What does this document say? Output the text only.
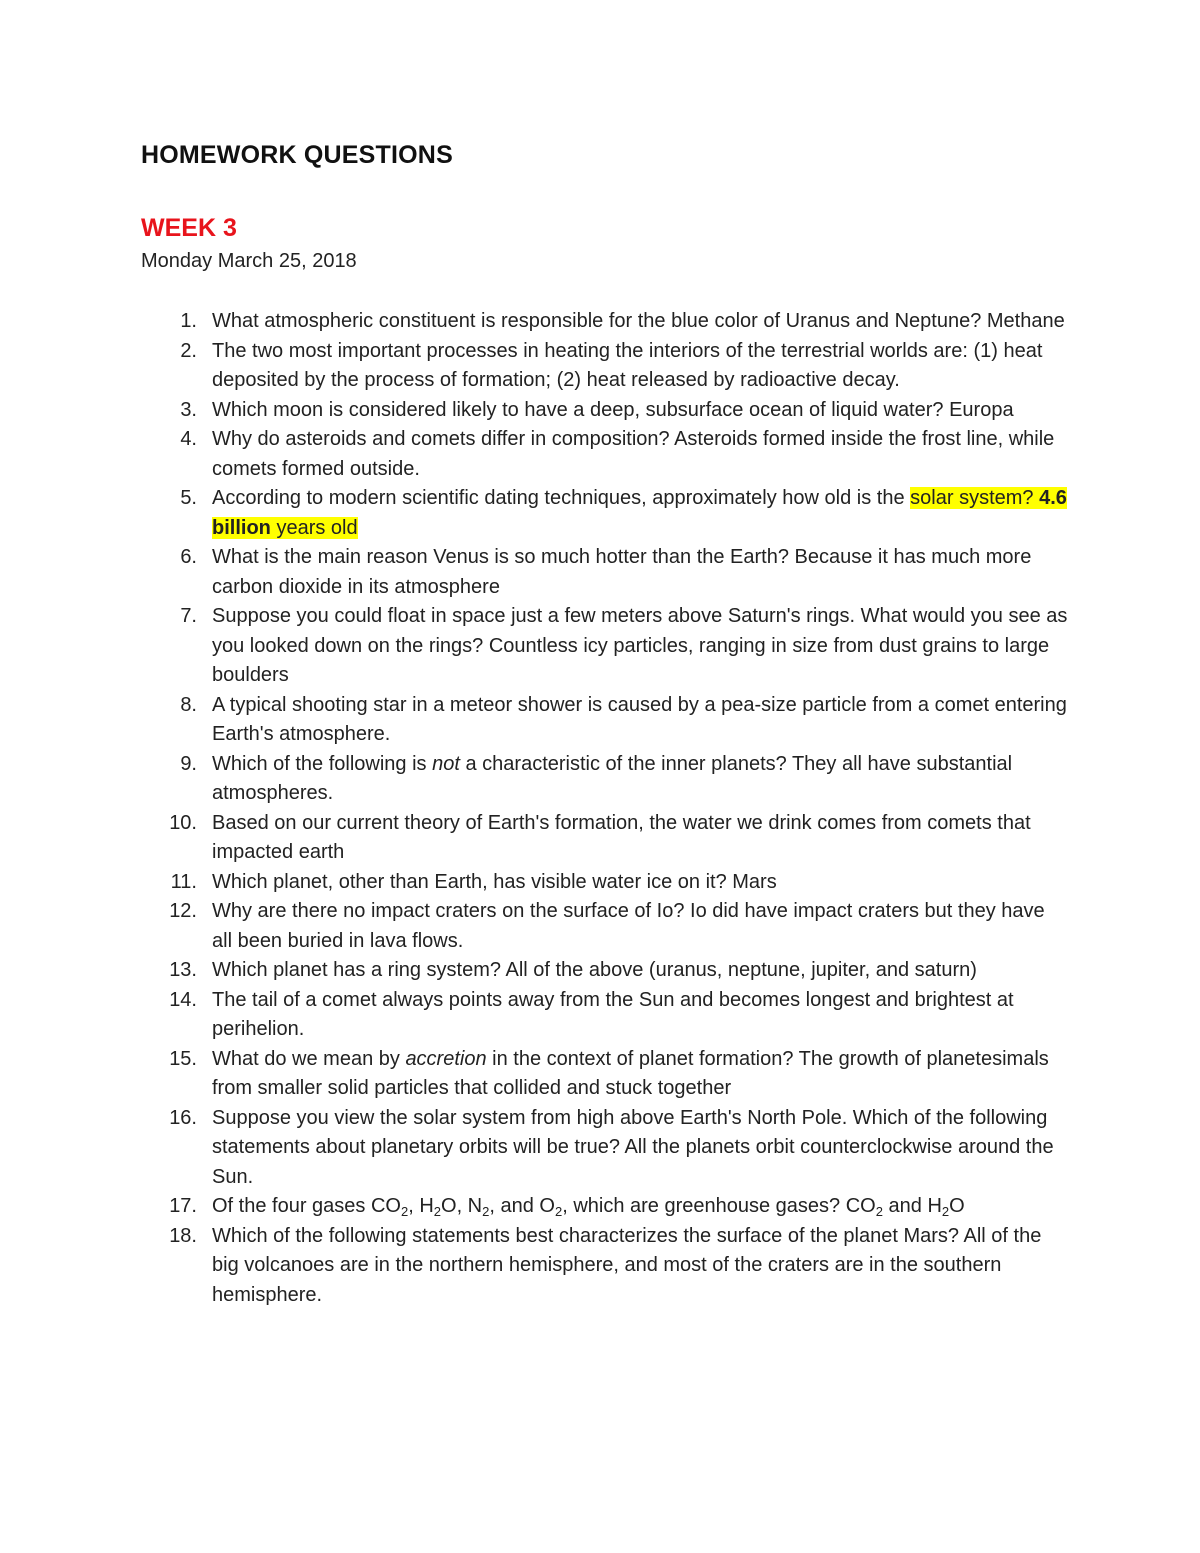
HOMEWORK QUESTIONS
WEEK 3

Monday March 25, 2018

1. What atmospheric constituent is responsible for the blue color of Uranus and Neptune? Methane
2. The two most important processes in heating the interiors of the terrestrial worlds are: (1) heat deposited by the process of formation; (2) heat released by radioactive decay.
3. Which moon is considered likely to have a deep, subsurface ocean of liquid water? Europa
4. Why do asteroids and comets differ in composition? Asteroids formed inside the frost line, while comets formed outside.
5. According to modern scientific dating techniques, approximately how old is the solar system? 4.6 billion years old
6. What is the main reason Venus is so much hotter than the Earth? Because it has much more carbon dioxide in its atmosphere
7. Suppose you could float in space just a few meters above Saturn's rings. What would you see as you looked down on the rings? Countless icy particles, ranging in size from dust grains to large boulders
8. A typical shooting star in a meteor shower is caused by a pea-size particle from a comet entering Earth's atmosphere.
9. Which of the following is not a characteristic of the inner planets? They all have substantial atmospheres.
10. Based on our current theory of Earth's formation, the water we drink comes from comets that impacted earth
11. Which planet, other than Earth, has visible water ice on it? Mars
12. Why are there no impact craters on the surface of Io? Io did have impact craters but they have all been buried in lava flows.
13. Which planet has a ring system? All of the above (uranus, neptune, jupiter, and saturn)
14. The tail of a comet always points away from the Sun and becomes longest and brightest at perihelion.
15. What do we mean by accretion in the context of planet formation? The growth of planetesimals from smaller solid particles that collided and stuck together
16. Suppose you view the solar system from high above Earth's North Pole. Which of the following statements about planetary orbits will be true? All the planets orbit counterclockwise around the Sun.
17. Of the four gases $CO_2$, $H_2O$, $N_2$, and $O_2$, which are greenhouse gases? $CO_2$ and $H_2O$
18. Which of the following statements best characterizes the surface of the planet Mars? All of the big volcanoes are in the northern hemisphere, and most of the craters are in the southern hemisphere.
